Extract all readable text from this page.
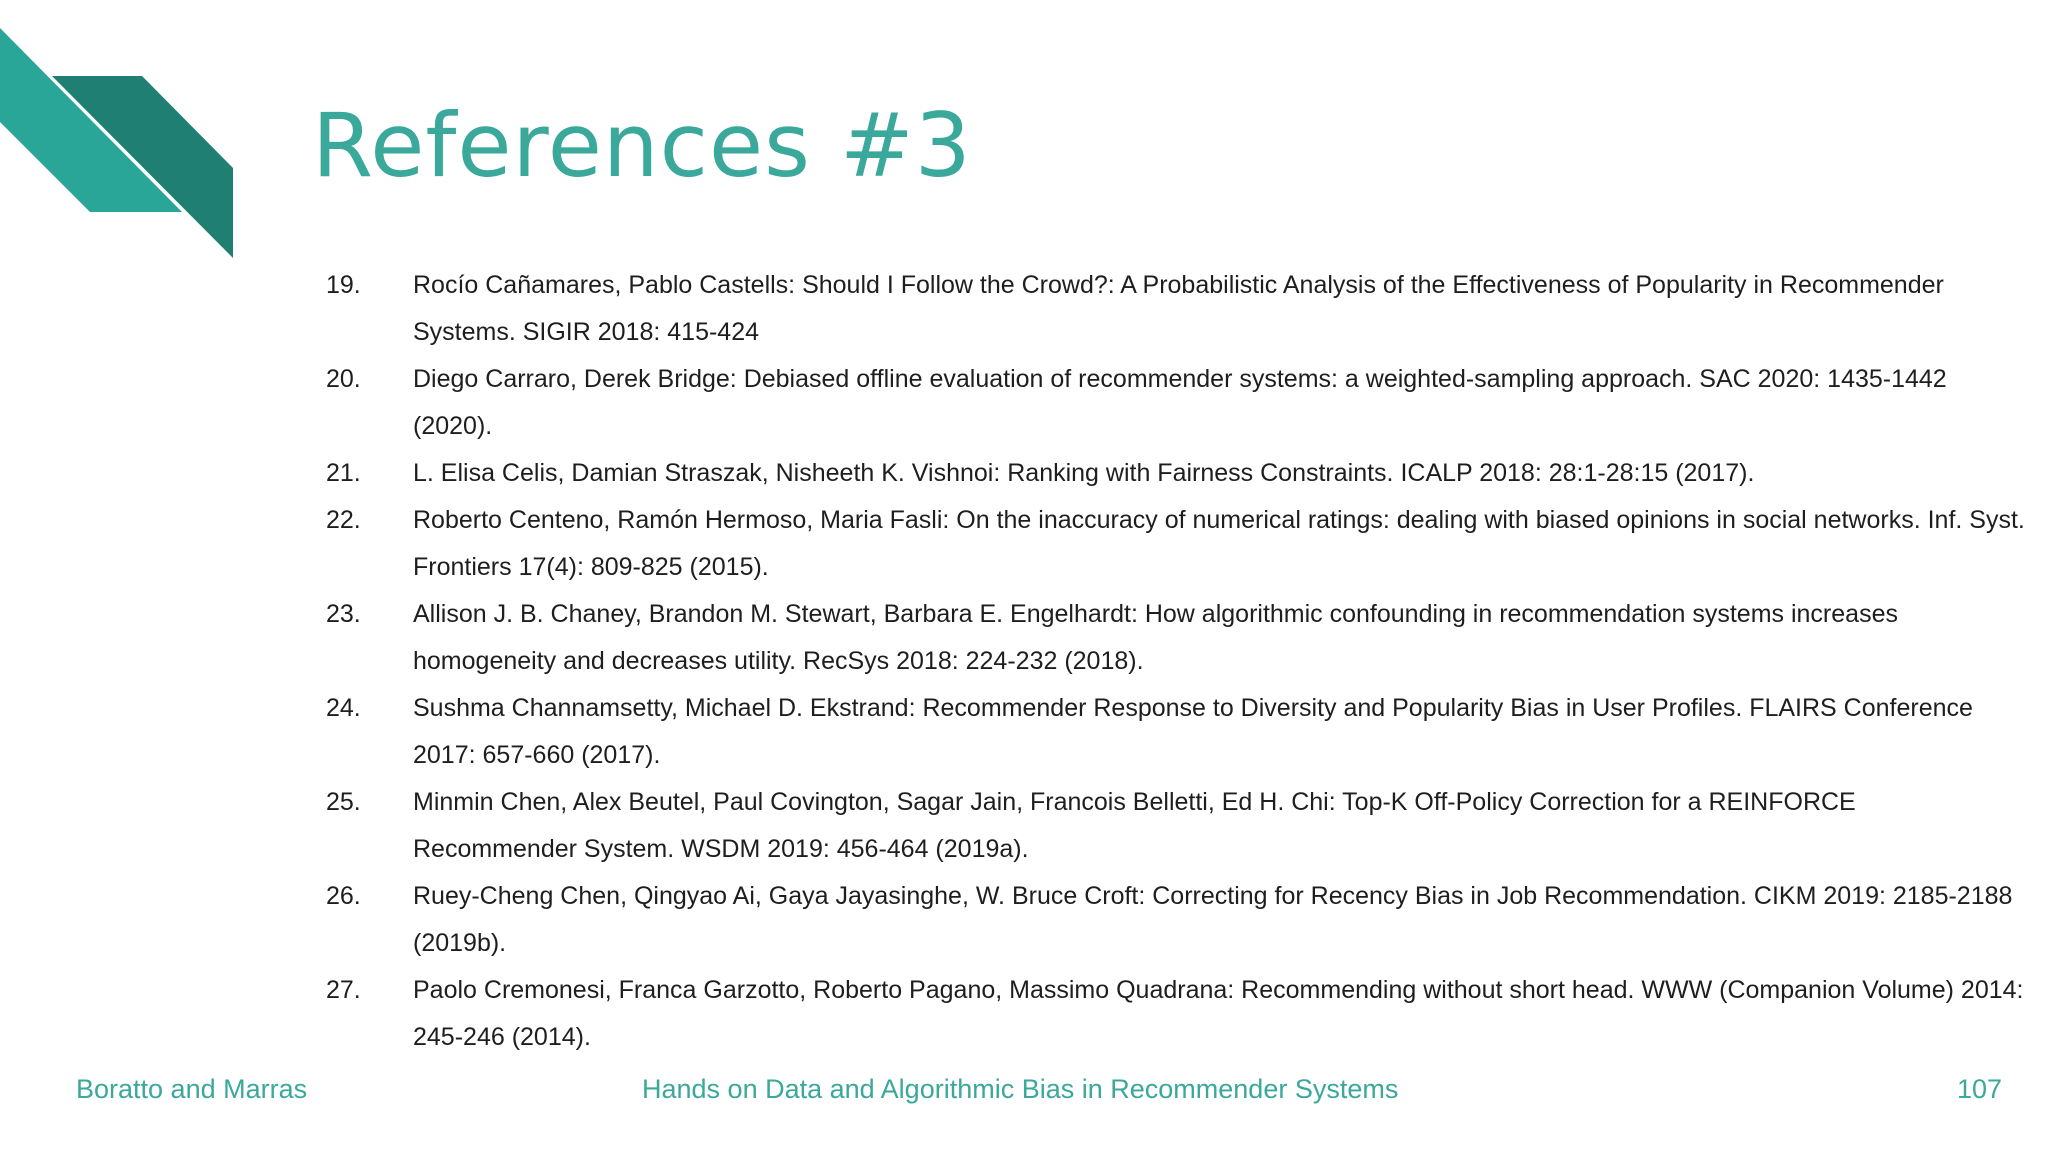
References #3
19.	Rocío Cañamares, Pablo Castells: Should I Follow the Crowd?: A Probabilistic Analysis of the Effectiveness of Popularity in Recommender Systems. SIGIR 2018: 415-424
20.	Diego Carraro, Derek Bridge: Debiased offline evaluation of recommender systems: a weighted-sampling approach. SAC 2020: 1435-1442 (2020).
21.	L. Elisa Celis, Damian Straszak, Nisheeth K. Vishnoi: Ranking with Fairness Constraints. ICALP 2018: 28:1-28:15 (2017).
22.	Roberto Centeno, Ramón Hermoso, Maria Fasli: On the inaccuracy of numerical ratings: dealing with biased opinions in social networks. Inf. Syst. Frontiers 17(4): 809-825 (2015).
23.	Allison J. B. Chaney, Brandon M. Stewart, Barbara E. Engelhardt: How algorithmic confounding in recommendation systems increases homogeneity and decreases utility. RecSys 2018: 224-232 (2018).
24.	Sushma Channamsetty, Michael D. Ekstrand: Recommender Response to Diversity and Popularity Bias in User Profiles. FLAIRS Conference 2017: 657-660 (2017).
25.	Minmin Chen, Alex Beutel, Paul Covington, Sagar Jain, Francois Belletti, Ed H. Chi: Top-K Off-Policy Correction for a REINFORCE Recommender System. WSDM 2019: 456-464 (2019a).
26.	Ruey-Cheng Chen, Qingyao Ai, Gaya Jayasinghe, W. Bruce Croft: Correcting for Recency Bias in Job Recommendation. CIKM 2019: 2185-2188 (2019b).
27.	Paolo Cremonesi, Franca Garzotto, Roberto Pagano, Massimo Quadrana: Recommending without short head. WWW (Companion Volume) 2014: 245-246 (2014).
Boratto and Marras	Hands on Data and Algorithmic Bias in Recommender Systems	107
